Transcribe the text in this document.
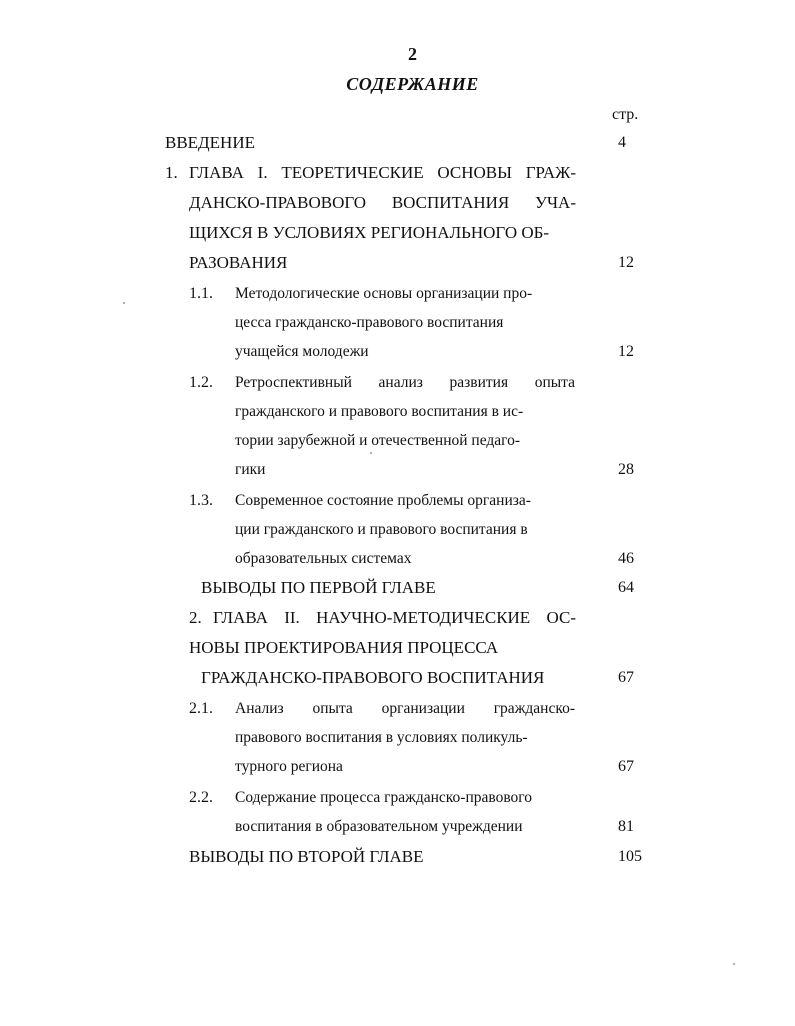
2
СОДЕРЖАНИЕ
стр.
ВВЕДЕНИЕ	4
1. ГЛАВА I. ТЕОРЕТИЧЕСКИЕ ОСНОВЫ ГРАЖ-
ДАНСКО-ПРАВОВОГО ВОСПИТАНИЯ УЧА-
ЩИХСЯ В УСЛОВИЯХ РЕГИОНАЛЬНОГО ОБ-
РАЗОВАНИЯ	12
1.1. Методологические основы организации про-
цесса гражданско-правового воспитания
учащейся молодежи	12
1.2. Ретроспективный анализ развития опыта
гражданского и правового воспитания в ис-
тории зарубежной и отечественной педаго-
гики	28
1.3. Современное состояние проблемы организа-
ции гражданского и правового воспитания в
образовательных системах	46
ВЫВОДЫ ПО ПЕРВОЙ ГЛАВЕ	64
2. ГЛАВА II. НАУЧНО-МЕТОДИЧЕСКИЕ ОС-
НОВЫ ПРОЕКТИРОВАНИЯ ПРОЦЕССА
ГРАЖДАНСКО-ПРАВОВОГО ВОСПИТАНИЯ	67
2.1. Анализ опыта организации гражданско-
правового воспитания в условиях поликуль-
турного региона	67
2.2. Содержание процесса гражданско-правового
воспитания в образовательном учреждении	81
ВЫВОДЫ ПО ВТОРОЙ ГЛАВЕ	105
